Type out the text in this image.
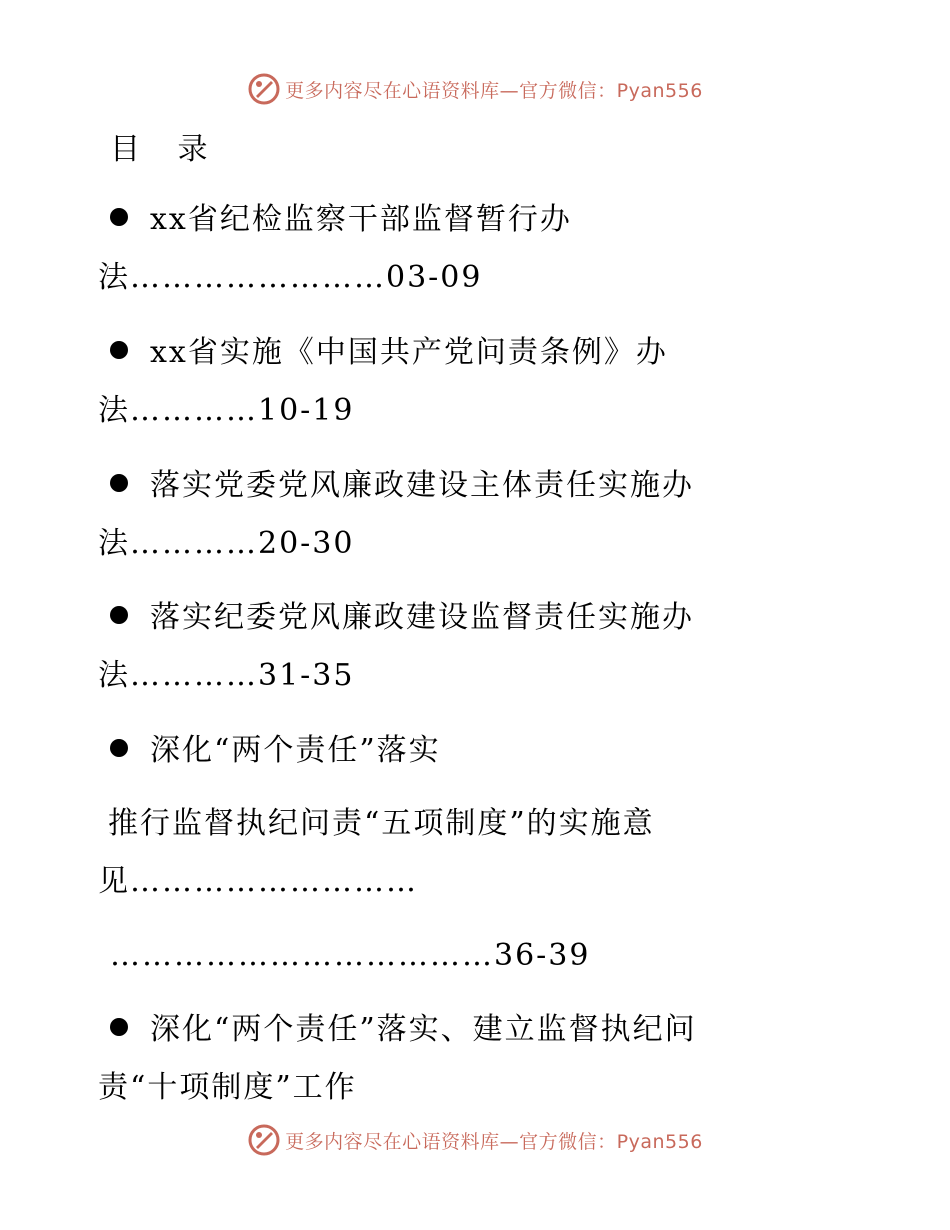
更多内容尽在心语资料库—官方微信：Pyan556
目 录
xx省纪检监察干部监督暂行办
法……………………03-09
xx省实施《中国共产党问责条例》办
法…………10-19
落实党委党风廉政建设主体责任实施办
法…………20-30
落实纪委党风廉政建设监督责任实施办
法…………31-35
深化“两个责任”落实
推行监督执纪问责“五项制度”的实施意
见………………………
………………………………36-39
深化“两个责任”落实、建立监督执纪问
责“十项制度”工作
更多内容尽在心语资料库—官方微信：Pyan556
